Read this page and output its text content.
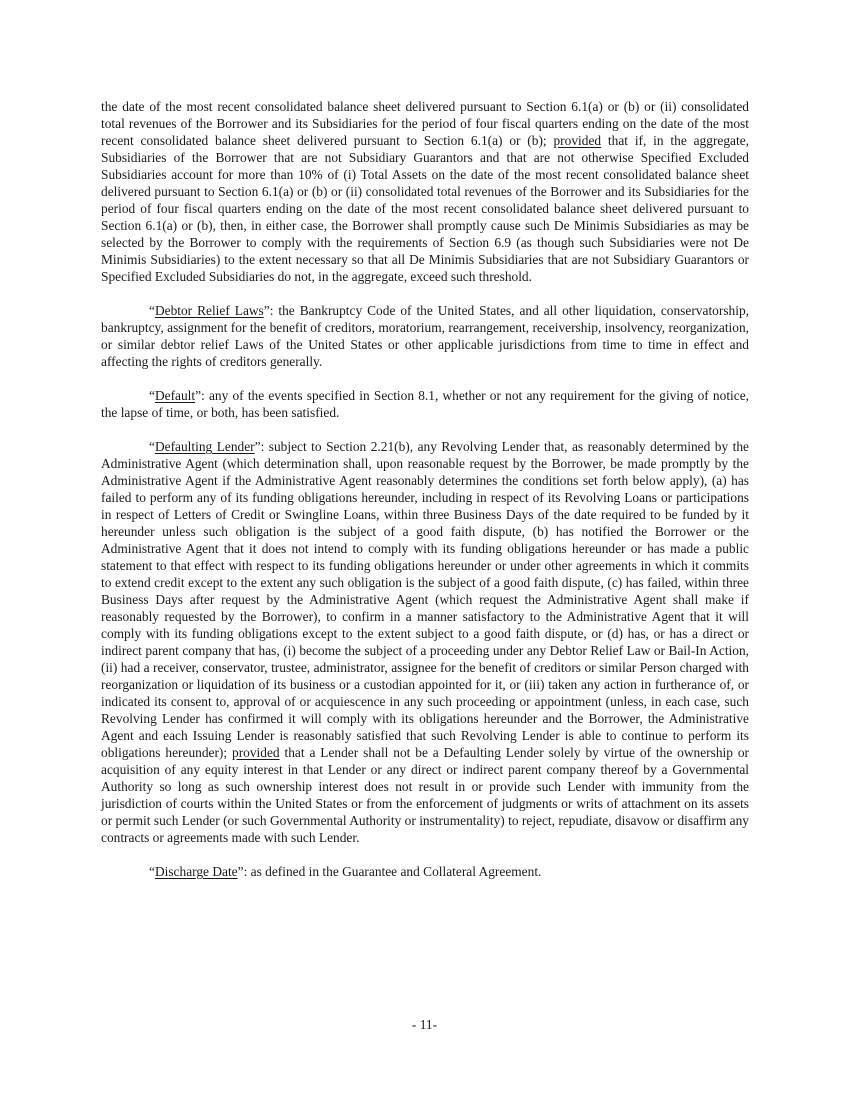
the date of the most recent consolidated balance sheet delivered pursuant to Section 6.1(a) or (b) or (ii) consolidated total revenues of the Borrower and its Subsidiaries for the period of four fiscal quarters ending on the date of the most recent consolidated balance sheet delivered pursuant to Section 6.1(a) or (b); provided that if, in the aggregate, Subsidiaries of the Borrower that are not Subsidiary Guarantors and that are not otherwise Specified Excluded Subsidiaries account for more than 10% of (i) Total Assets on the date of the most recent consolidated balance sheet delivered pursuant to Section 6.1(a) or (b) or (ii) consolidated total revenues of the Borrower and its Subsidiaries for the period of four fiscal quarters ending on the date of the most recent consolidated balance sheet delivered pursuant to Section 6.1(a) or (b), then, in either case, the Borrower shall promptly cause such De Minimis Subsidiaries as may be selected by the Borrower to comply with the requirements of Section 6.9 (as though such Subsidiaries were not De Minimis Subsidiaries) to the extent necessary so that all De Minimis Subsidiaries that are not Subsidiary Guarantors or Specified Excluded Subsidiaries do not, in the aggregate, exceed such threshold.

“Debtor Relief Laws”: the Bankruptcy Code of the United States, and all other liquidation, conservatorship, bankruptcy, assignment for the benefit of creditors, moratorium, rearrangement, receivership, insolvency, reorganization, or similar debtor relief Laws of the United States or other applicable jurisdictions from time to time in effect and affecting the rights of creditors generally.

“Default”: any of the events specified in Section 8.1, whether or not any requirement for the giving of notice, the lapse of time, or both, has been satisfied.

“Defaulting Lender”: subject to Section 2.21(b), any Revolving Lender that, as reasonably determined by the Administrative Agent (which determination shall, upon reasonable request by the Borrower, be made promptly by the Administrative Agent if the Administrative Agent reasonably determines the conditions set forth below apply), (a) has failed to perform any of its funding obligations hereunder, including in respect of its Revolving Loans or participations in respect of Letters of Credit or Swingline Loans, within three Business Days of the date required to be funded by it hereunder unless such obligation is the subject of a good faith dispute, (b) has notified the Borrower or the Administrative Agent that it does not intend to comply with its funding obligations hereunder or has made a public statement to that effect with respect to its funding obligations hereunder or under other agreements in which it commits to extend credit except to the extent any such obligation is the subject of a good faith dispute, (c) has failed, within three Business Days after request by the Administrative Agent (which request the Administrative Agent shall make if reasonably requested by the Borrower), to confirm in a manner satisfactory to the Administrative Agent that it will comply with its funding obligations except to the extent subject to a good faith dispute, or (d) has, or has a direct or indirect parent company that has, (i) become the subject of a proceeding under any Debtor Relief Law or Bail-In Action, (ii) had a receiver, conservator, trustee, administrator, assignee for the benefit of creditors or similar Person charged with reorganization or liquidation of its business or a custodian appointed for it, or (iii) taken any action in furtherance of, or indicated its consent to, approval of or acquiescence in any such proceeding or appointment (unless, in each case, such Revolving Lender has confirmed it will comply with its obligations hereunder and the Borrower, the Administrative Agent and each Issuing Lender is reasonably satisfied that such Revolving Lender is able to continue to perform its obligations hereunder); provided that a Lender shall not be a Defaulting Lender solely by virtue of the ownership or acquisition of any equity interest in that Lender or any direct or indirect parent company thereof by a Governmental Authority so long as such ownership interest does not result in or provide such Lender with immunity from the jurisdiction of courts within the United States or from the enforcement of judgments or writs of attachment on its assets or permit such Lender (or such Governmental Authority or instrumentality) to reject, repudiate, disavow or disaffirm any contracts or agreements made with such Lender.

“Discharge Date”: as defined in the Guarantee and Collateral Agreement.

- 11-
